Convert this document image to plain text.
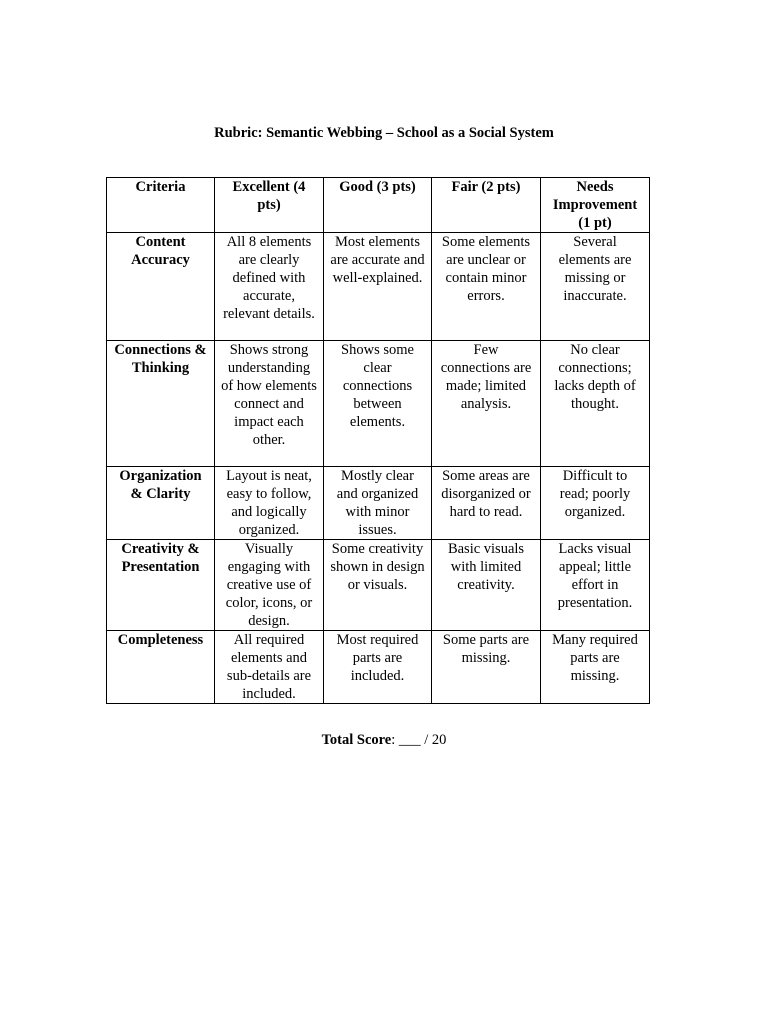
Rubric: Semantic Webbing – School as a Social System
Criteria	Excellent (4 pts)	Good (3 pts)	Fair (2 pts)	Needs Improvement (1 pt)
Content Accuracy	All 8 elements are clearly defined with accurate, relevant details.	Most elements are accurate and well-explained.	Some elements are unclear or contain minor errors.	Several elements are missing or inaccurate.
Connections & Thinking	Shows strong understanding of how elements connect and impact each other.	Shows some clear connections between elements.	Few connections are made; limited analysis.	No clear connections; lacks depth of thought.
Organization & Clarity	Layout is neat, easy to follow, and logically organized.	Mostly clear and organized with minor issues.	Some areas are disorganized or hard to read.	Difficult to read; poorly organized.
Creativity & Presentation	Visually engaging with creative use of color, icons, or design.	Some creativity shown in design or visuals.	Basic visuals with limited creativity.	Lacks visual appeal; little effort in presentation.
Completeness	All required elements and sub-details are included.	Most required parts are included.	Some parts are missing.	Many required parts are missing.
Total Score: ___ / 20
